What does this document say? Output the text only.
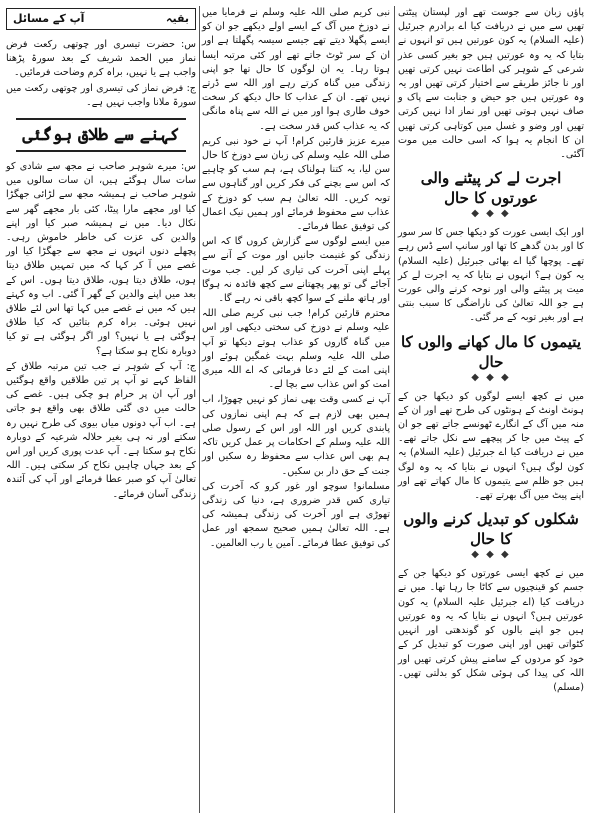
پاؤں زبان سے جوست تھے اور لپستان پیٹتی تھیں سے میں نے دریافت کیا اے برادرم جبرئیل (علیہ السلام) یہ کون عورتیں ہیں تو انہوں نے بتایا کہ یہ وہ عورتیں ہیں جو بغیر کسی عذر شرعی کے شوہر کی اطاعت نہیں کرتی تھیں اور نا جائز طریقے سے اختیار کرتی تھیں اور یہ وہ عورتیں ہیں جو حیض و جنابت سے پاک و صاف نہیں ہوتی تھیں اور نماز ادا نہیں کرتی تھیں اور وضو و غسل میں کوتاہی کرتی تھیں ان کا انجام یہ ہوا کہ اسی حالت میں موت آگئی۔

اجرت لے کر پیٹنے والی عورتوں کا حال
◆ ◆ ◆

اور ایک ایسی عورت کو دیکھا جس کا سر سور کا اور بدن گدھے کا تھا اور سانپ اسے ڈس رہے تھے۔ پوچھا گیا اے بھائی جبرئیل (علیہ السلام) یہ کون ہے؟ انہوں نے بتایا کہ یہ اجرت لے کر میت پر پیٹنے والی اور نوحہ کرنے والی عورت ہے جو اللہ تعالیٰ کی ناراضگی کا سبب بنتی ہے اور بغیر توبہ کے مر گئی۔

یتیموں کا مال کھانے والوں کا حال
◆ ◆ ◆

میں نے کچھ ایسے لوگوں کو دیکھا جن کے ہونٹ اونٹ کے ہونٹوں کی طرح تھے اور ان کے منہ میں آگ کے انگارے ٹھونسے جاتے تھے جو ان کے پیٹ میں جا کر پیچھے سے نکل جاتے تھے۔ میں نے دریافت کیا اے جبرئیل (علیہ السلام) یہ کون لوگ ہیں؟ انہوں نے بتایا کہ یہ وہ لوگ ہیں جو ظلم سے یتیموں کا مال کھاتے تھے اور اپنے پیٹ میں آگ بھرتے تھے۔

شکلوں کو تبدیل کرنے والوں کا حال
◆ ◆ ◆

میں نے کچھ ایسی عورتوں کو دیکھا جن کے جسم کو قینچیوں سے کاٹا جا رہا تھا۔ میں نے دریافت کیا (اے جبرئیل علیہ السلام) یہ کون عورتیں ہیں؟ انہوں نے بتایا کہ یہ وہ عورتیں ہیں جو اپنے بالوں کو گوندھتی اور انہیں کٹواتی تھیں اور اپنی صورت کو تبدیل کر کے خود کو مردوں کے سامنے پیش کرتی تھیں اور اللہ کی پیدا کی ہوئی شکل کو بدلتی تھیں۔ (مسلم)

نبی کریم صلی اللہ علیہ وسلم نے فرمایا میں نے دوزخ میں آگ کے ایسے اولے دیکھے جو ان کو ایسے پگھلا دیتے تھے جیسے سیسہ پگھلتا ہے اور ان کے سر ٹوٹ جاتے تھے اور کئی مرتبہ ایسا ہوتا رہا۔ یہ ان لوگوں کا حال تھا جو اپنی زندگی میں گناہ کرتے رہے اور اللہ سے ڈرتے نہیں تھے۔ ان کے عذاب کا حال دیکھ کر سخت خوف طاری ہوا اور میں نے اللہ سے پناہ مانگی کہ یہ عذاب کس قدر سخت ہے۔

میرے عزیز قارئین کرام! آپ نے خود نبی کریم صلی اللہ علیہ وسلم کی زبان سے دوزخ کا حال سن لیا، یہ کتنا ہولناک ہے، ہم سب کو چاہیے کہ اس سے بچنے کی فکر کریں اور گناہوں سے توبہ کریں۔ اللہ تعالیٰ ہم سب کو دوزخ کے عذاب سے محفوظ فرمائے اور ہمیں نیک اعمال کی توفیق عطا فرمائے۔

میں ایسے لوگوں سے گزارش کروں گا کہ اس زندگی کو غنیمت جانیں اور موت کے آنے سے پہلے اپنی آخرت کی تیاری کر لیں۔ جب موت آجائے گی تو پھر پچھتانے سے کچھ فائدہ نہ ہوگا اور ہاتھ ملنے کے سوا کچھ باقی نہ رہے گا۔

محترم قارئین کرام! جب نبی کریم صلی اللہ علیہ وسلم نے دوزخ کی سختی دیکھی اور اس میں گناہ گاروں کو عذاب ہوتے دیکھا تو آپ صلی اللہ علیہ وسلم بہت غمگین ہوئے اور اپنی امت کے لئے دعا فرمائی کہ اے اللہ میری امت کو اس عذاب سے بچا لے۔

آپ نے کسی وقت بھی نماز کو نہیں چھوڑا، اب ہمیں بھی لازم ہے کہ ہم اپنی نمازوں کی پابندی کریں اور اللہ اور اس کے رسول صلی اللہ علیہ وسلم کے احکامات پر عمل کریں تاکہ ہم بھی اس عذاب سے محفوظ رہ سکیں اور جنت کے حق دار بن سکیں۔

مسلمانو! سوچو اور غور کرو کہ آخرت کی تیاری کس قدر ضروری ہے، دنیا کی زندگی تھوڑی ہے اور آخرت کی زندگی ہمیشہ کی ہے۔ اللہ تعالیٰ ہمیں صحیح سمجھ اور عمل کی توفیق عطا فرمائے۔ آمین یا رب العالمین۔

بقیہ
آپ کے مسائل

س: حضرت تیسری اور چوتھی رکعت فرض نماز میں الحمد شریف کے بعد سورۃ پڑھنا واجب ہے یا نہیں، براہ کرم وضاحت فرمائیں۔

ج: فرض نماز کی تیسری اور چوتھی رکعت میں سورۃ ملانا واجب نہیں ہے۔

کہنے سے طلاق ہوگئی

س: میرے شوہر صاحب نے مجھ سے شادی کو سات سال ہوگئے ہیں، ان سات سالوں میں شوہر صاحب نے ہمیشہ مجھ سے لڑائی جھگڑا کیا اور مجھے مارا پیٹا، کئی بار مجھے گھر سے نکال دیا۔ میں نے ہمیشہ صبر کیا اور اپنے والدین کی عزت کی خاطر خاموش رہی۔ پچھلے دنوں انہوں نے مجھ سے جھگڑا کیا اور غصے میں آ کر کہا کہ میں تمہیں طلاق دیتا ہوں، طلاق دیتا ہوں، طلاق دیتا ہوں۔ اس کے بعد میں اپنے والدین کے گھر آ گئی۔ اب وہ کہتے ہیں کہ میں نے غصے میں کہا تھا اس لئے طلاق نہیں ہوئی۔ براہ کرم بتائیں کہ کیا طلاق ہوگئی ہے یا نہیں؟ اور اگر ہوگئی ہے تو کیا دوبارہ نکاح ہو سکتا ہے؟

ج: آپ کے شوہر نے جب تین مرتبہ طلاق کے الفاظ کہے تو آپ پر تین طلاقیں واقع ہوگئیں اور آپ ان پر حرام ہو چکی ہیں۔ غصے کی حالت میں دی گئی طلاق بھی واقع ہو جاتی ہے۔ اب آپ دونوں میاں بیوی کی طرح نہیں رہ سکتے اور نہ ہی بغیر حلالہ شرعیہ کے دوبارہ نکاح ہو سکتا ہے۔ آپ عدت پوری کریں اور اس کے بعد جہاں چاہیں نکاح کر سکتی ہیں۔ اللہ تعالیٰ آپ کو صبر عطا فرمائے اور آپ کی آئندہ زندگی آسان فرمائے۔
